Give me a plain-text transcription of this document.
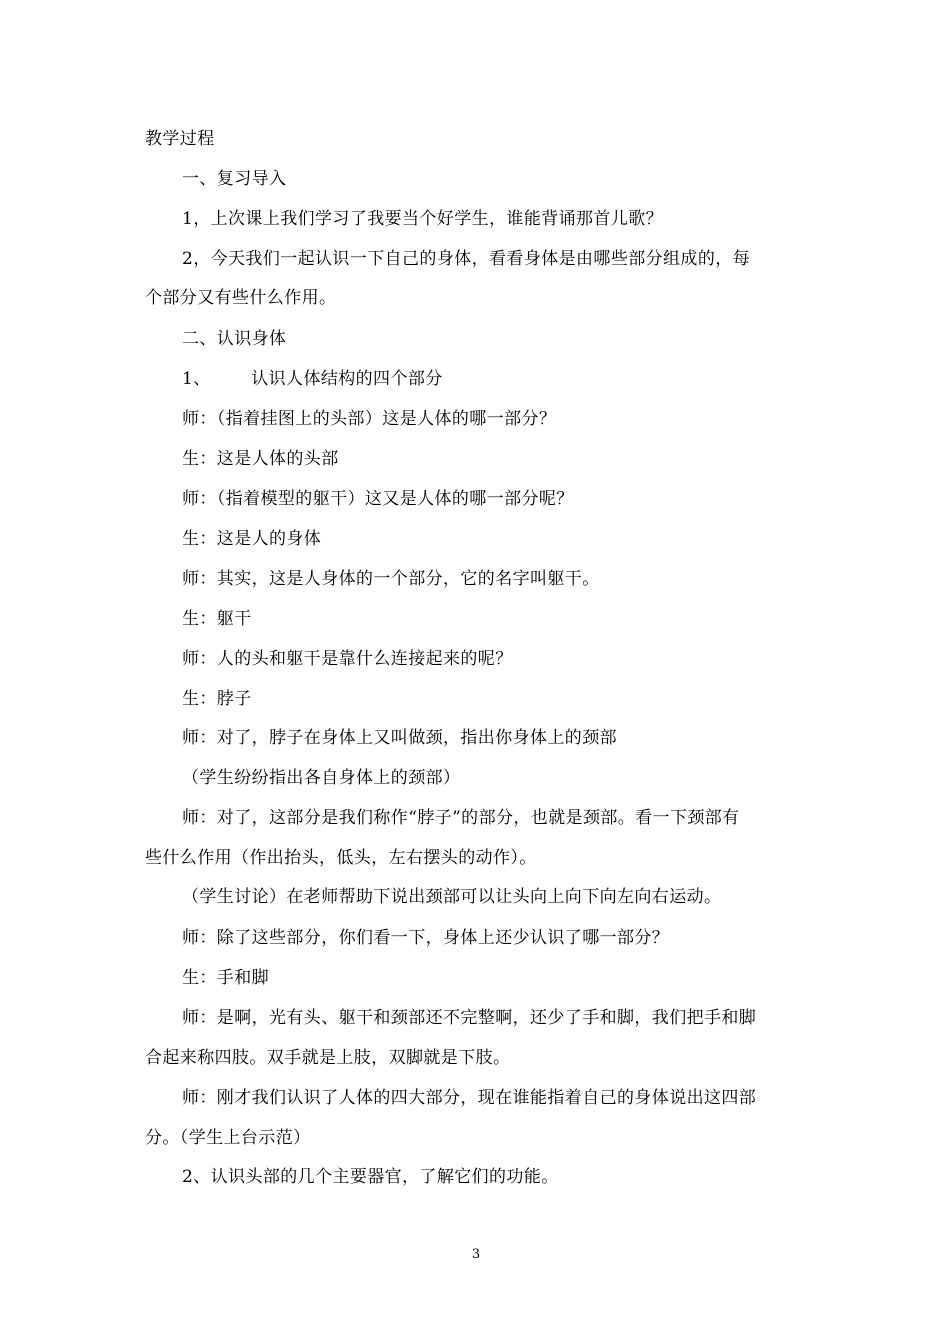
教学过程
一、复习导入
1，上次课上我们学习了我要当个好学生，谁能背诵那首儿歌？
2，今天我们一起认识一下自己的身体，看看身体是由哪些部分组成的，每
个部分又有些什么作用。
二、认识身体
1、       认识人体结构的四个部分
师：（指着挂图上的头部）这是人体的哪一部分？
生：这是人体的头部
师：（指着模型的躯干）这又是人体的哪一部分呢？
生：这是人的身体
师：其实，这是人身体的一个部分，它的名字叫躯干。
生：躯干
师：人的头和躯干是靠什么连接起来的呢？
生：脖子
师：对了，脖子在身体上又叫做颈，指出你身体上的颈部
（学生纷纷指出各自身体上的颈部）
师：对了，这部分是我们称作“脖子”的部分，也就是颈部。看一下颈部有
些什么作用（作出抬头，低头，左右摆头的动作）。
（学生讨论）在老师帮助下说出颈部可以让头向上向下向左向右运动。
师：除了这些部分，你们看一下，身体上还少认识了哪一部分？
生：手和脚
师：是啊，光有头、躯干和颈部还不完整啊，还少了手和脚，我们把手和脚
合起来称四肢。双手就是上肢，双脚就是下肢。
师：刚才我们认识了人体的四大部分，现在谁能指着自己的身体说出这四部
分。（学生上台示范）
2、认识头部的几个主要器官，了解它们的功能。
3
